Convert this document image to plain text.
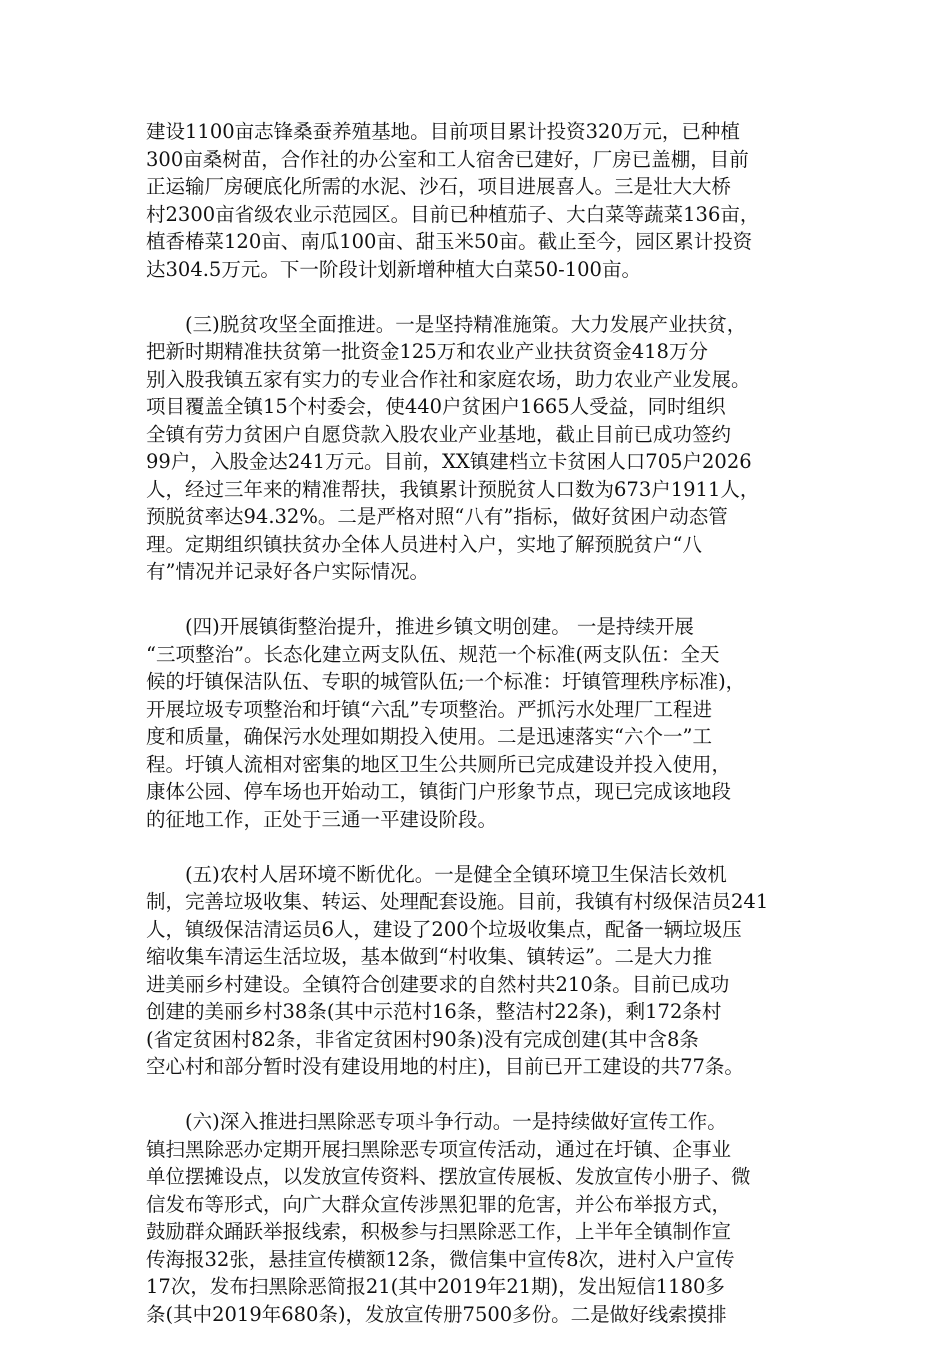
建设1100亩志锋桑蚕养殖基地。目前项目累计投资320万元，已种植
300亩桑树苗，合作社的办公室和工人宿舍已建好，厂房已盖棚，目前
正运输厂房硬底化所需的水泥、沙石，项目进展喜人。三是壮大大桥
村2300亩省级农业示范园区。目前已种植茄子、大白菜等蔬菜136亩，
植香椿菜120亩、南瓜100亩、甜玉米50亩。截止至今，园区累计投资
达304.5万元。下一阶段计划新增种植大白菜50-100亩。
(三)脱贫攻坚全面推进。一是坚持精准施策。大力发展产业扶贫，
把新时期精准扶贫第一批资金125万和农业产业扶贫资金418万分
别入股我镇五家有实力的专业合作社和家庭农场，助力农业产业发展。
项目覆盖全镇15个村委会，使440户贫困户1665人受益，同时组织
全镇有劳力贫困户自愿贷款入股农业产业基地，截止目前已成功签约
99户，入股金达241万元。目前，XX镇建档立卡贫困人口705户2026
人，经过三年来的精准帮扶，我镇累计预脱贫人口数为673户1911人，
预脱贫率达94.32%。二是严格对照“八有”指标，做好贫困户动态管
理。定期组织镇扶贫办全体人员进村入户，实地了解预脱贫户“八
有”情况并记录好各户实际情况。
(四)开展镇街整治提升，推进乡镇文明创建。 一是持续开展
“三项整治”。长态化建立两支队伍、规范一个标准(两支队伍：全天
候的圩镇保洁队伍、专职的城管队伍;一个标准：圩镇管理秩序标准)，
开展垃圾专项整治和圩镇“六乱”专项整治。严抓污水处理厂工程进
度和质量，确保污水处理如期投入使用。二是迅速落实“六个一”工
程。圩镇人流相对密集的地区卫生公共厕所已完成建设并投入使用，
康体公园、停车场也开始动工，镇街门户形象节点，现已完成该地段
的征地工作，正处于三通一平建设阶段。
(五)农村人居环境不断优化。一是健全全镇环境卫生保洁长效机
制，完善垃圾收集、转运、处理配套设施。目前，我镇有村级保洁员241
人，镇级保洁清运员6人，建设了200个垃圾收集点，配备一辆垃圾压
缩收集车清运生活垃圾，基本做到“村收集、镇转运”。二是大力推
进美丽乡村建设。全镇符合创建要求的自然村共210条。目前已成功
创建的美丽乡村38条(其中示范村16条，整洁村22条)，剩172条村
(省定贫困村82条，非省定贫困村90条)没有完成创建(其中含8条
空心村和部分暂时没有建设用地的村庄)，目前已开工建设的共77条。
(六)深入推进扫黑除恶专项斗争行动。一是持续做好宣传工作。
镇扫黑除恶办定期开展扫黑除恶专项宣传活动，通过在圩镇、企事业
单位摆摊设点，以发放宣传资料、摆放宣传展板、发放宣传小册子、微
信发布等形式，向广大群众宣传涉黑犯罪的危害，并公布举报方式，
鼓励群众踊跃举报线索，积极参与扫黑除恶工作，上半年全镇制作宣
传海报32张，悬挂宣传横额12条，微信集中宣传8次，进村入户宣传
17次，发布扫黑除恶简报21(其中2019年21期)，发出短信1180多
条(其中2019年680条)，发放宣传册7500多份。二是做好线索摸排
